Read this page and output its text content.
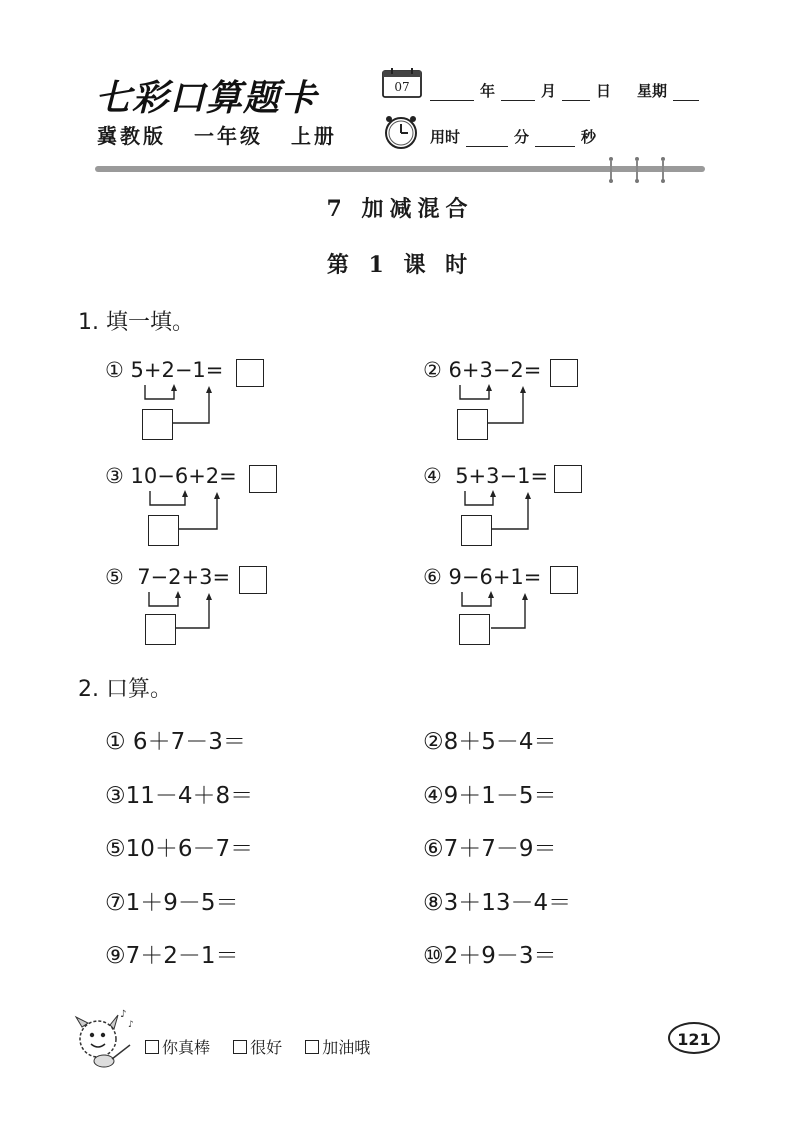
七彩口算题卡
冀教版 一年级 上册
07	年	月	日 星期
用时	分	秒
7 加减混合
第 1 课 时
1. 填一填。
① 5+2−1=	② 6+3−2=
③ 10−6+2=	④ 5+3−1=
⑤ 7−2+3=	⑥ 9−6+1=
2. 口算。
① 6＋7－3＝	②8＋5－4＝
③11－4＋8＝	④9＋1－5＝
⑤10＋6－7＝	⑥7＋7－9＝
⑦1＋9－5＝	⑧3＋13－4＝
⑨7＋2－1＝	⑩2＋9－3＝
♪
♪
你真棒	很好	加油哦	121
